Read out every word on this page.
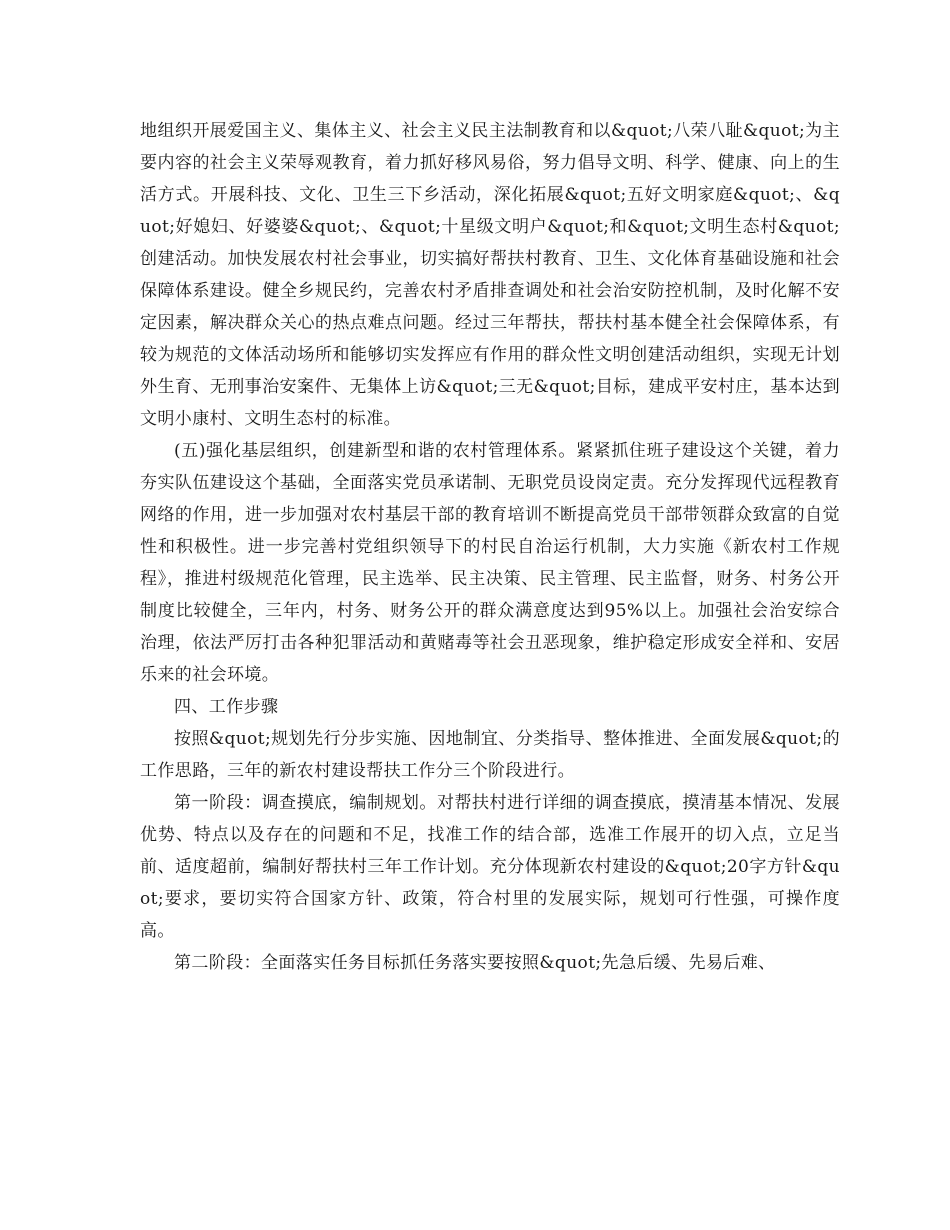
地组织开展爱国主义、集体主义、社会主义民主法制教育和以&quot;八荣八耻&quot;为主要内容的社会主义荣辱观教育，着力抓好移风易俗，努力倡导文明、科学、健康、向上的生活方式。开展科技、文化、卫生三下乡活动，深化拓展&quot;五好文明家庭&quot;、&quot;好媳妇、好婆婆&quot;、&quot;十星级文明户&quot;和&quot;文明生态村&quot;创建活动。加快发展农村社会事业，切实搞好帮扶村教育、卫生、文化体育基础设施和社会保障体系建设。健全乡规民约，完善农村矛盾排查调处和社会治安防控机制，及时化解不安定因素，解决群众关心的热点难点问题。经过三年帮扶，帮扶村基本健全社会保障体系，有较为规范的文体活动场所和能够切实发挥应有作用的群众性文明创建活动组织，实现无计划外生育、无刑事治安案件、无集体上访&quot;三无&quot;目标，建成平安村庄，基本达到文明小康村、文明生态村的标准。

(五)强化基层组织，创建新型和谐的农村管理体系。紧紧抓住班子建设这个关键，着力夯实队伍建设这个基础，全面落实党员承诺制、无职党员设岗定责。充分发挥现代远程教育网络的作用，进一步加强对农村基层干部的教育培训不断提高党员干部带领群众致富的自觉性和积极性。进一步完善村党组织领导下的村民自治运行机制，大力实施《新农村工作规程》，推进村级规范化管理，民主选举、民主决策、民主管理、民主监督，财务、村务公开制度比较健全，三年内，村务、财务公开的群众满意度达到95%以上。加强社会治安综合治理，依法严厉打击各种犯罪活动和黄赌毒等社会丑恶现象，维护稳定形成安全祥和、安居乐来的社会环境。

四、工作步骤

按照&quot;规划先行分步实施、因地制宜、分类指导、整体推进、全面发展&quot;的工作思路，三年的新农村建设帮扶工作分三个阶段进行。

第一阶段：调查摸底，编制规划。对帮扶村进行详细的调查摸底，摸清基本情况、发展优势、特点以及存在的问题和不足，找准工作的结合部，选准工作展开的切入点，立足当前、适度超前，编制好帮扶村三年工作计划。充分体现新农村建设的&quot;20字方针&quot;要求，要切实符合国家方针、政策，符合村里的发展实际，规划可行性强，可操作度高。

第二阶段：全面落实任务目标抓任务落实要按照&quot;先急后缓、先易后难、
